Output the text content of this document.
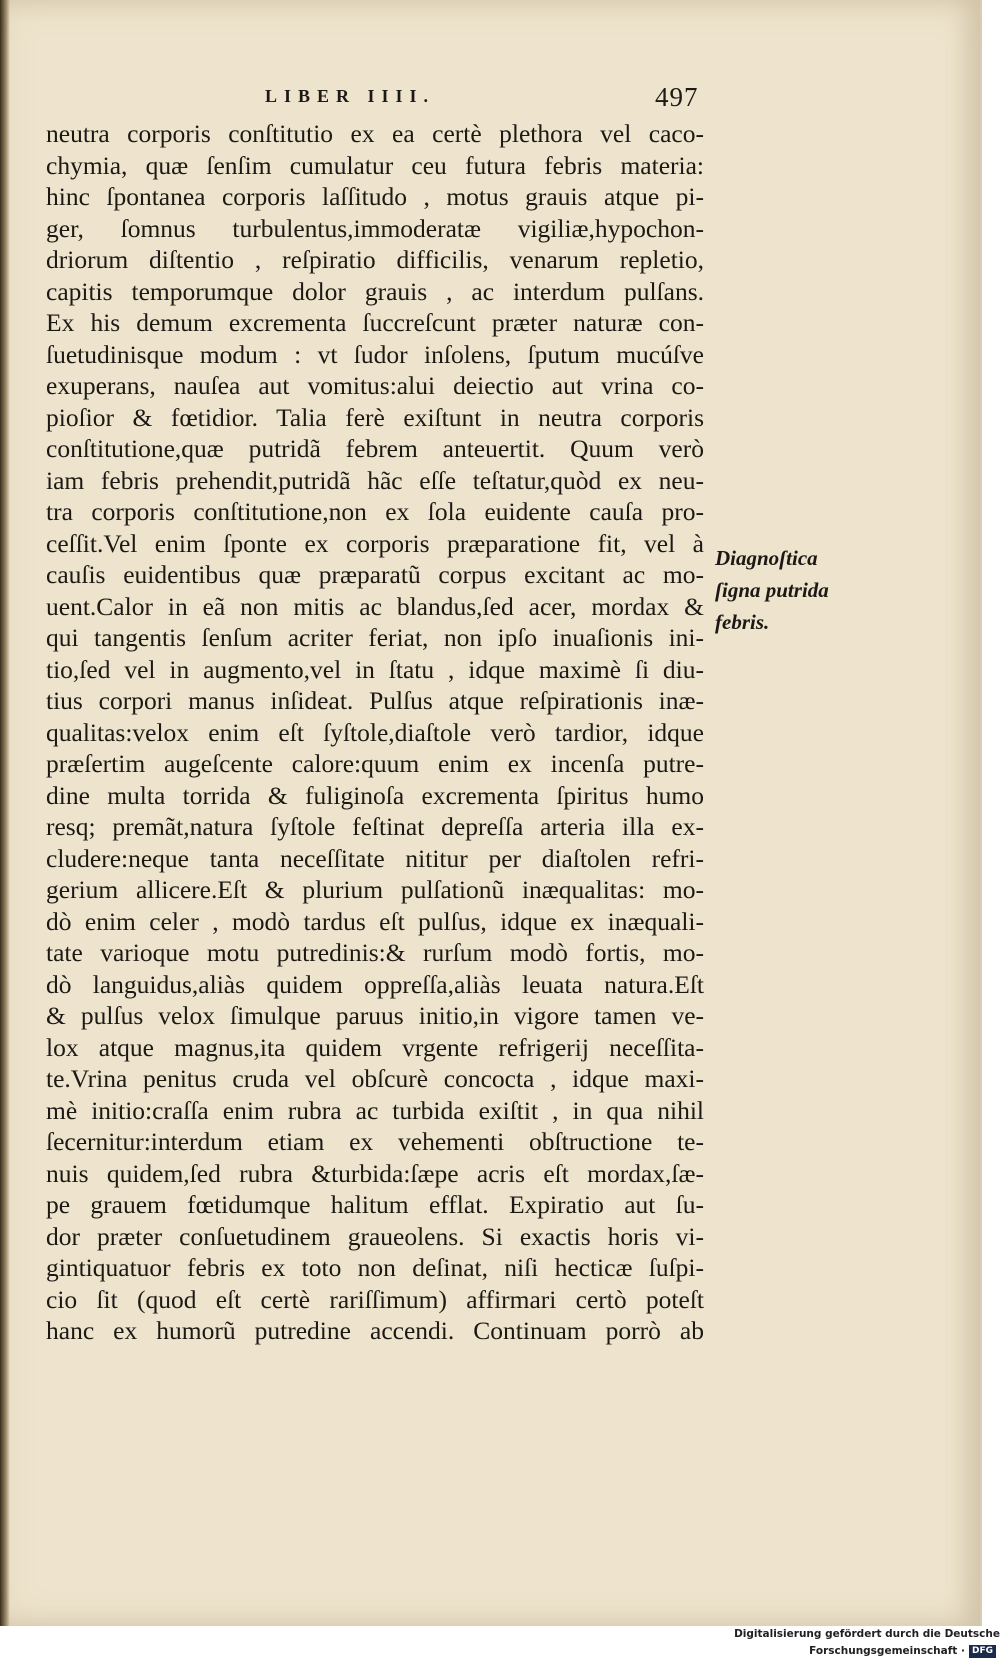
LIBER IIII.	497
neutra corporis conſtitutio ex ea certè plethora vel caco-
chymia, quæ ſenſim cumulatur ceu futura febris materia:
hinc ſpontanea corporis laſſitudo , motus grauis atque pi-
ger, ſomnus turbulentus,immoderatæ vigiliæ,hypochon-
driorum diſtentio , reſpiratio difficilis, venarum repletio,
capitis temporumque dolor grauis , ac interdum pulſans.
Ex his demum excrementa ſuccreſcunt præter naturæ con-
ſuetudinisque modum : vt ſudor inſolens, ſputum mucúſve
exuperans, nauſea aut vomitus:alui deiectio aut vrina co-
pioſior & fœtidior. Talia ferè exiſtunt in neutra corporis
conſtitutione,quæ putridã febrem anteuertit. Quum verò
iam febris prehendit,putridã hãc eſſe teſtatur,quòd ex neu-
tra corporis conſtitutione,non ex ſola euidente cauſa pro-
ceſſit.Vel enim ſponte ex corporis præparatione fit, vel à
cauſis euidentibus quæ præparatũ corpus excitant ac mo-
uent.Calor in eã non mitis ac blandus,ſed acer, mordax &
qui tangentis ſenſum acriter feriat, non ipſo inuaſionis ini-
tio,ſed vel in augmento,vel in ſtatu , idque maximè ſi diu-
tius corpori manus inſideat. Pulſus atque reſpirationis inæ-
qualitas:velox enim eſt ſyſtole,diaſtole verò tardior, idque
præſertim augeſcente calore:quum enim ex incenſa putre-
dine multa torrida & fuliginoſa excrementa ſpiritus humo
resq; premãt,natura ſyſtole feſtinat depreſſa arteria illa ex-
cludere:neque tanta neceſſitate nititur per diaſtolen refri-
gerium allicere.Eſt & plurium pulſationũ inæqualitas: mo-
dò enim celer , modò tardus eſt pulſus, idque ex inæquali-
tate varioque motu putredinis:& rurſum modò fortis, mo-
dò languidus,aliàs quidem oppreſſa,aliàs leuata natura.Eſt
& pulſus velox ſimulque paruus initio,in vigore tamen ve-
lox atque magnus,ita quidem vrgente refrigerij neceſſita-
te.Vrina penitus cruda vel obſcurè concocta , idque maxi-
mè initio:craſſa enim rubra ac turbida exiſtit , in qua nihil
ſecernitur:interdum etiam ex vehementi obſtructione te-
nuis quidem,ſed rubra &turbida:ſæpe acris eſt mordax,ſæ-
pe grauem fœtidumque halitum efflat. Expiratio aut ſu-
dor præter conſuetudinem graueolens. Si exactis horis vi-
gintiquatuor febris ex toto non deſinat, niſi hecticæ ſuſpi-
cio ſit (quod eſt certè rariſſimum) affirmari certò poteſt
hanc ex humorũ putredine accendi. Continuam porrò ab
Diagnoſtica
ſigna putrida
febris.
Digitalisierung gefördert durch die Deutsche Forschungsgemeinschaft · DFG
